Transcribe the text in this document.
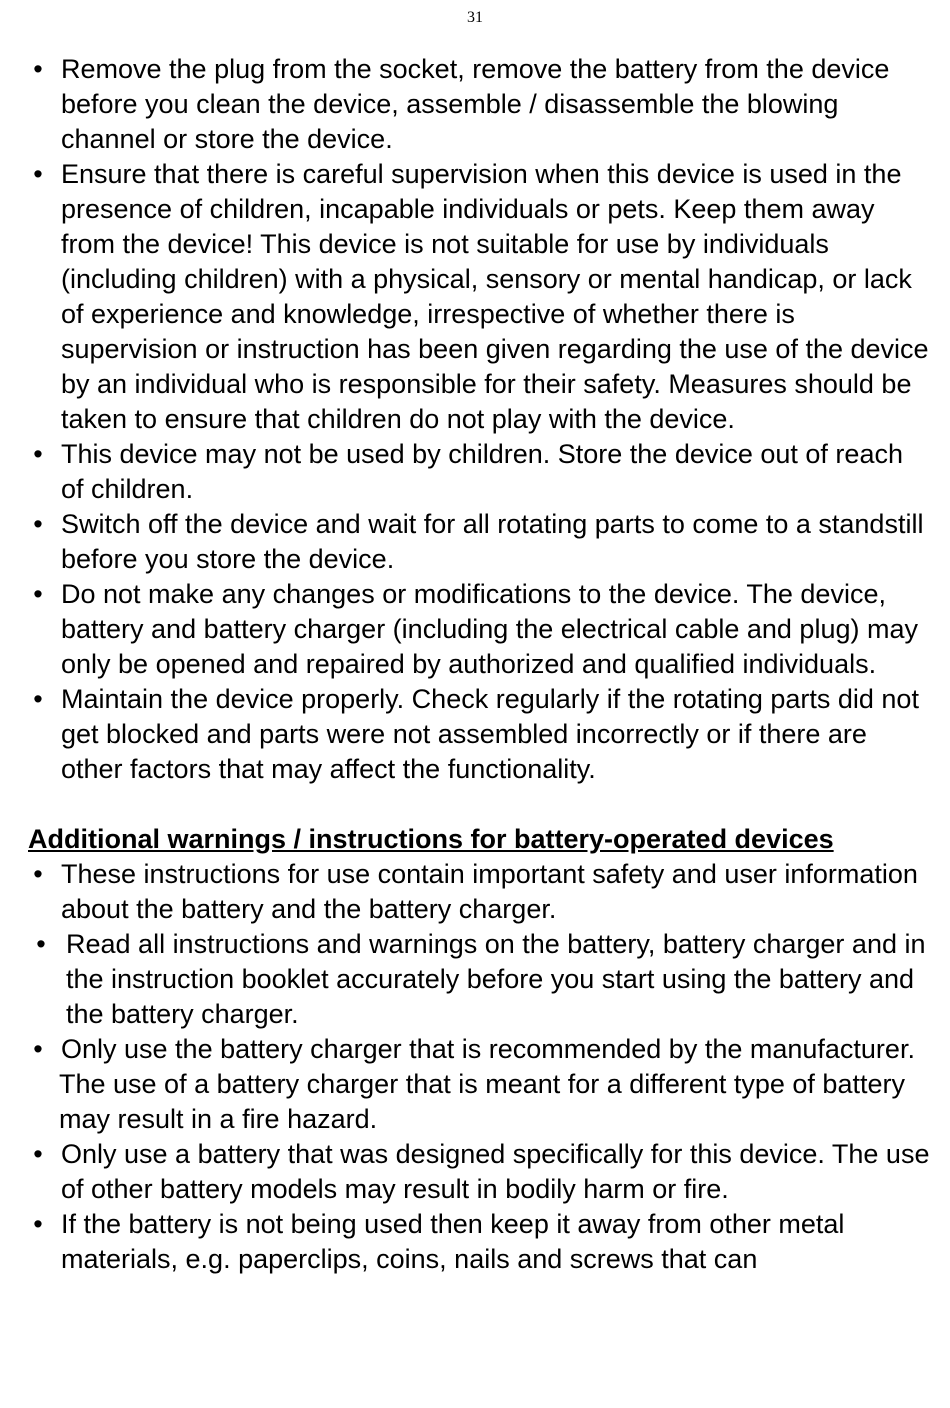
31
• Remove the plug from the socket, remove the battery from the device before you clean the device, assemble / disassemble the blowing channel or store the device.
• Ensure that there is careful supervision when this device is used in the presence of children, incapable individuals or pets. Keep them away from the device! This device is not suitable for use by individuals (including children) with a physical, sensory or mental handicap, or lack of experience and knowledge, irrespective of whether there is supervision or instruction has been given regarding the use of the device by an individual who is responsible for their safety. Measures should be taken to ensure that children do not play with the device.
• This device may not be used by children. Store the device out of reach of children.
• Switch off the device and wait for all rotating parts to come to a standstill before you store the device.
• Do not make any changes or modifications to the device. The device, battery and battery charger (including the electrical cable and plug) may only be opened and repaired by authorized and qualified individuals.
• Maintain the device properly. Check regularly if the rotating parts did not get blocked and parts were not assembled incorrectly or if there are other factors that may affect the functionality.
Additional warnings / instructions for battery-operated devices
• These instructions for use contain important safety and user information about the battery and the battery charger.
• Read all instructions and warnings on the battery, battery charger and in the instruction booklet accurately before you start using the battery and the battery charger.
• Only use the battery charger that is recommended by the manufacturer.

The use of a battery charger that is meant for a different type of battery may result in a fire hazard.

• Only use a battery that was designed specifically for this device. The use of other battery models may result in bodily harm or fire.
• If the battery is not being used then keep it away from other metal materials, e.g. paperclips, coins, nails and screws that can
